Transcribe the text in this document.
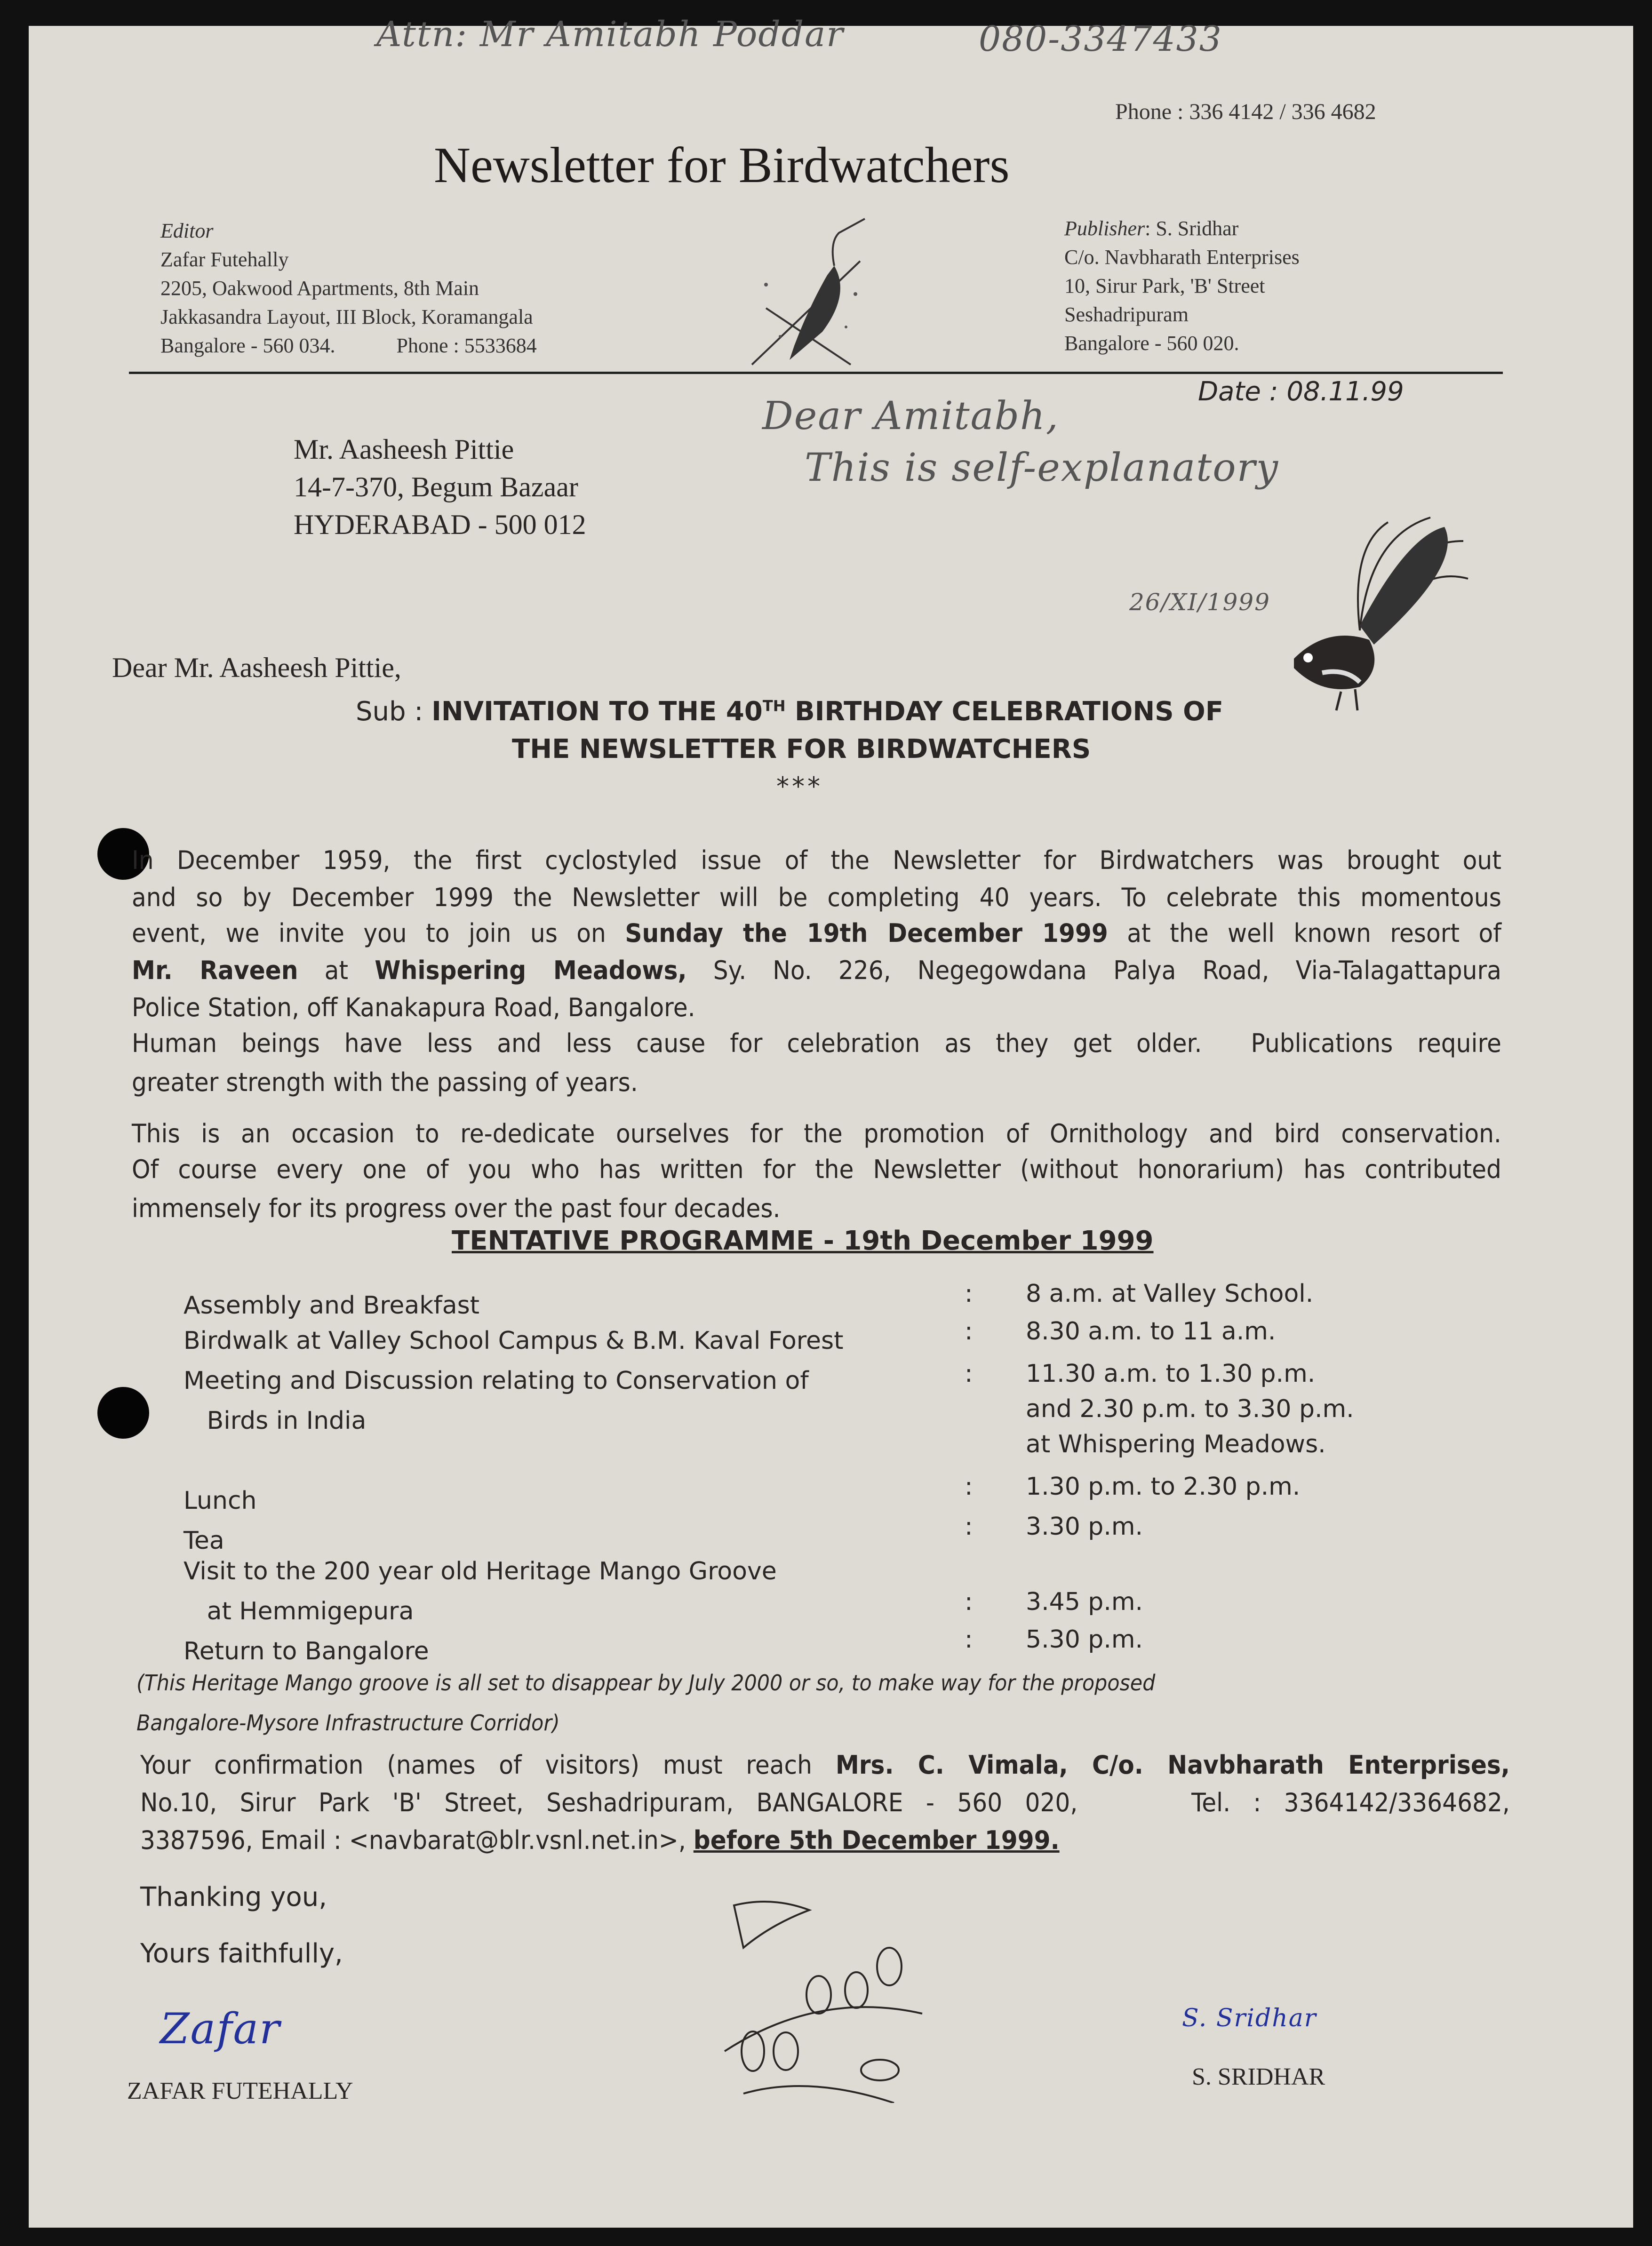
Attn: Mr Amitabh Poddar	080-3347433
Phone : 336 4142 / 336 4682
Newsletter for Birdwatchers
Editor
Zafar Futehally
2205, Oakwood Apartments, 8th Main
Jakkasandra Layout, III Block, Koramangala
Bangalore - 560 034.	Phone : 5533684
Publisher: S. Sridhar
C/o. Navbharath Enterprises
10, Sirur Park, 'B' Street
Seshadripuram
Bangalore - 560 020.
Date : 08.11.99
Mr. Aasheesh Pittie
14-7-370, Begum Bazaar
HYDERABAD - 500 012
Dear Amitabh,
This is self-explanatory
26/XI/1999
Dear Mr. Aasheesh Pittie,
Sub : INVITATION TO THE 40TH BIRTHDAY CELEBRATIONS OF
THE NEWSLETTER FOR BIRDWATCHERS
***
In December 1959, the first cyclostyled issue of the Newsletter for Birdwatchers was brought out
and so by December 1999 the Newsletter will be completing 40 years. To celebrate this momentous
event, we invite you to join us on Sunday the 19th December 1999 at the well known resort of
Mr. Raveen at Whispering Meadows, Sy. No. 226, Negegowdana Palya Road, Via-Talagattapura
Police Station, off Kanakapura Road, Bangalore.
Human beings have less and less cause for celebration as they get older.  Publications require
greater strength with the passing of years.
This is an occasion to re-dedicate ourselves for the promotion of Ornithology and bird conservation.
Of course every one of you who has written for the Newsletter (without honorarium) has contributed
immensely for its progress over the past four decades.
TENTATIVE PROGRAMME - 19th December 1999
Assembly and Breakfast	: 8 a.m. at Valley School.
Birdwalk at Valley School Campus & B.M. Kaval Forest	: 8.30 a.m. to 11 a.m.
Meeting and Discussion relating to Conservation of
Birds in India
: 11.30 a.m. to 1.30 p.m.
and 2.30 p.m. to 3.30 p.m.
at Whispering Meadows.
Lunch	: 1.30 p.m. to 2.30 p.m.
Tea	: 3.30 p.m.
Visit to the 200 year old Heritage Mango Groove
at Hemmigepura	: 3.45 p.m.
Return to Bangalore	: 5.30 p.m.
(This Heritage Mango groove is all set to disappear by July 2000 or so, to make way for the proposed
Bangalore-Mysore Infrastructure Corridor)
Your confirmation (names of visitors) must reach Mrs. C. Vimala, C/o. Navbharath Enterprises,
No.10, Sirur Park 'B' Street, Seshadripuram, BANGALORE - 560 020,     Tel. : 3364142/3364682,
3387596, Email : <navbarat@blr.vsnl.net.in>, before 5th December 1999.
Thanking you,
Yours faithfully,
Zafar
ZAFAR FUTEHALLY
S. Sridhar
S. SRIDHAR
